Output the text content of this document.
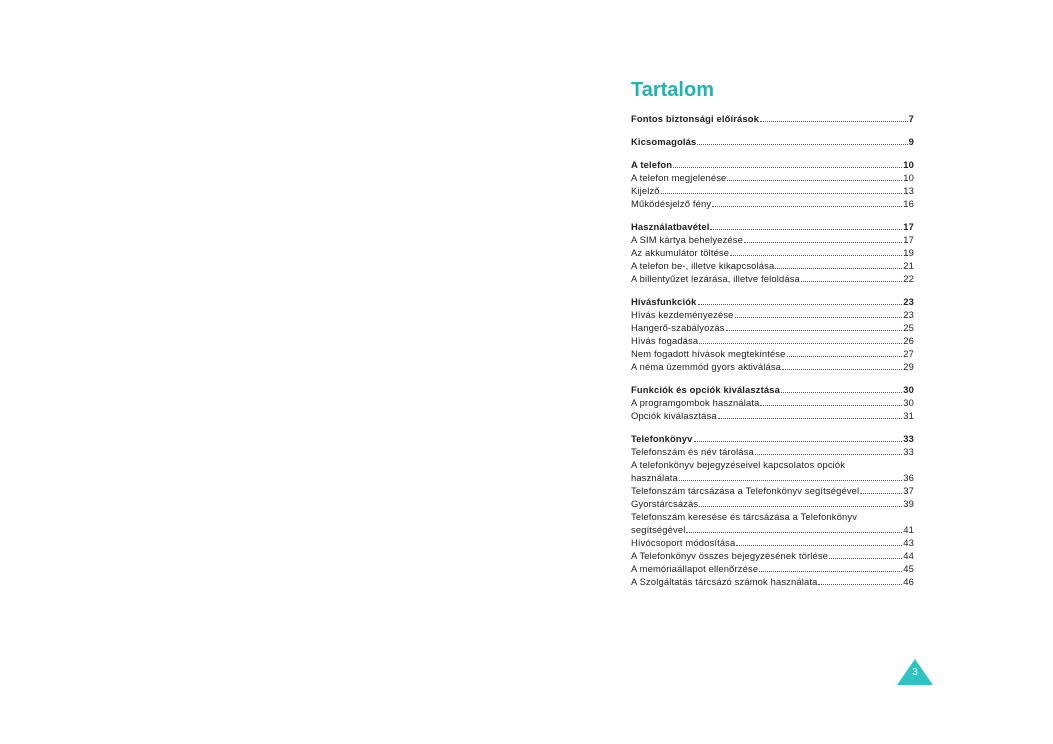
Tartalom
Fontos biztonsági előírások	7
Kicsomagolás	9
A telefon	10
A telefon megjelenése	10
Kijelző	13
Működésjelző fény	16
Használatbavétel	17
A SIM kártya behelyezése	17
Az akkumulátor töltése	19
A telefon be-, illetve kikapcsolása	21
A billentyűzet lezárása, illetve feloldása	22
Hívásfunkciók	23
Hívás kezdeményezése	23
Hangerő-szabályozás	25
Hívás fogadása	26
Nem fogadott hívások megtekintése	27
A néma üzemmód gyors aktiválása	29
Funkciók és opciók kiválasztása	30
A programgombok használata	30
Opciók kiválasztása	31
Telefonkönyv	33
Telefonszám és név tárolása	33
A telefonkönyv bejegyzéseivel kapcsolatos opciók
használata	36
Telefonszám tárcsázása a Telefonkönyv segítségével	37
Gyorstárcsázás	39
Telefonszám keresése és tárcsázása a Telefonkönyv
segítségével	41
Hívócsoport módosítása	43
A Telefonkönyv összes bejegyzésének törlése	44
A memóriaállapot ellenőrzése	45
A Szolgáltatás tárcsázó számok használata	46
3
